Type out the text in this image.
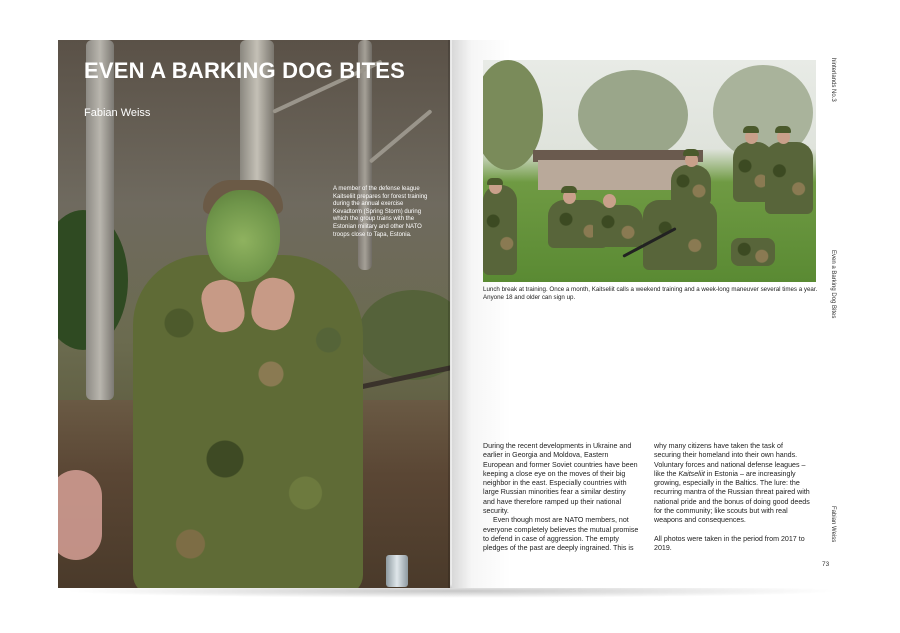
EVEN A BARKING DOG BITES
Fabian Weiss
A member of the defense league Kaitseliit prepares for forest training during the annual exercise Kevadtorm (Spring Storm) during which the group trains with the Estonian military and other NATO troops close to Tapa, Estonia.
Lunch break at training. Once a month, Kaitseliit calls a weekend training and a week-long maneuver several times a year. Anyone 18 and older can sign up.

During the recent developments in Ukraine and earlier in Georgia and Moldova, Eastern European and former Soviet countries have been keeping a close eye on the moves of their big neighbor in the east. Especially countries with large Russian minorities fear a similar destiny and have therefore ramped up their national security.

Even though most are NATO members, not everyone completely believes the mutual promise to defend in case of aggression. The empty pledges of the past are deeply ingrained. This is

why many citizens have taken the task of securing their homeland into their own hands. Voluntary forces and national defense leagues – like the Kaitseliit in Estonia – are increasingly growing, especially in the Baltics. The lure: the recurring mantra of the Russian threat paired with national pride and the bonus of doing good deeds for the community; like scouts but with real weapons and consequences.

All photos were taken in the period from 2017 to 2019.

hinterlands No.3
Even a Barking Dog Bites
Fabian Weiss
73
